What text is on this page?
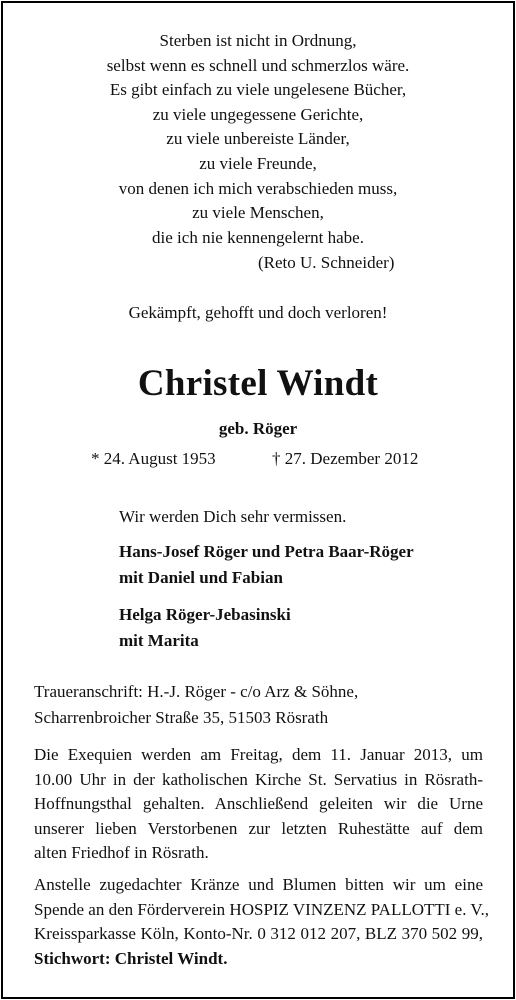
Sterben ist nicht in Ordnung,
selbst wenn es schnell und schmerzlos wäre.
Es gibt einfach zu viele ungelesene Bücher,
zu viele ungegessene Gerichte,
zu viele unbereiste Länder,
zu viele Freunde,
von denen ich mich verabschieden muss,
zu viele Menschen,
die ich nie kennengelernt habe.
(Reto U. Schneider)
Gekämpft, gehofft und doch verloren!
Christel Windt
geb. Röger
* 24. August 1953	† 27. Dezember 2012
Wir werden Dich sehr vermissen.
Hans-Josef Röger und Petra Baar-Röger
mit Daniel und Fabian
Helga Röger-Jebasinski
mit Marita
Traueranschrift: H.-J. Röger - c/o Arz & Söhne,
Scharrenbroicher Straße 35, 51503 Rösrath
Die Exequien werden am Freitag, dem 11. Januar 2013, um
10.00 Uhr in der katholischen Kirche St. Servatius in Rösrath-
Hoffnungsthal gehalten. Anschließend geleiten wir die Urne
unserer lieben Verstorbenen zur letzten Ruhestätte auf dem
alten Friedhof in Rösrath.
Anstelle zugedachter Kränze und Blumen bitten wir um eine
Spende an den Förderverein HOSPIZ VINZENZ PALLOTTI e. V.,
Kreissparkasse Köln, Konto-Nr. 0 312 012 207, BLZ 370 502 99,
Stichwort: Christel Windt.
